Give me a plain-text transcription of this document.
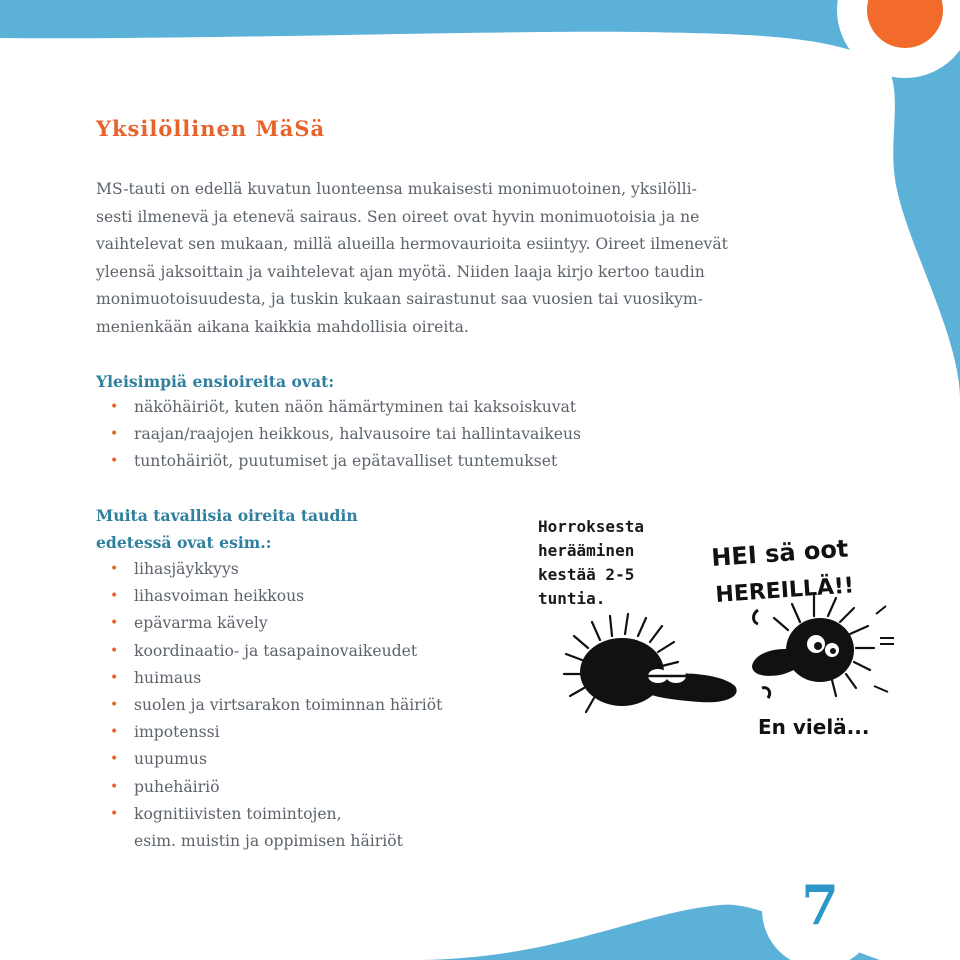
Yksilöllinen MäSä

MS-tauti on edellä kuvatun luonteensa mukaisesti monimuotoinen, yksilölli-
sesti ilmenevä ja etenevä sairaus. Sen oireet ovat hyvin monimuotoisia ja ne
vaihtelevat sen mukaan, millä alueilla hermovaurioita esiintyy. Oireet ilmenevät
yleensä jaksoittain ja vaihtelevat ajan myötä. Niiden laaja kirjo kertoo taudin
monimuotoisuudesta, ja tuskin kukaan sairastunut saa vuosien tai vuosikym-
menienkään aikana kaikkia mahdollisia oireita.

Yleisimpiä ensioireita ovat:
• näköhäiriöt, kuten näön hämärtyminen tai kaksoiskuvat
• raajan/raajojen heikkous, halvausoire tai hallintavaikeus
• tuntohäiriöt, puutumiset ja epätavalliset tuntemukset
Muita tavallisia oireita taudin
edetessä ovat esim.:
• lihasjäykkyys
• lihasvoiman heikkous
• epävarma kävely
• koordinaatio- ja tasapainovaikeudet
• huimaus
• suolen ja virtsarakon toiminnan häiriöt
• impotenssi
• uupumus
• puhehäiriö
• kognitiivisten toimintojen,
esim. muistin ja oppimisen häiriöt
Horroksesta
herääminen
kestää 2-5
tuntia.
HEI sä oot
HEREILLÄ!!
En vielä...
7
